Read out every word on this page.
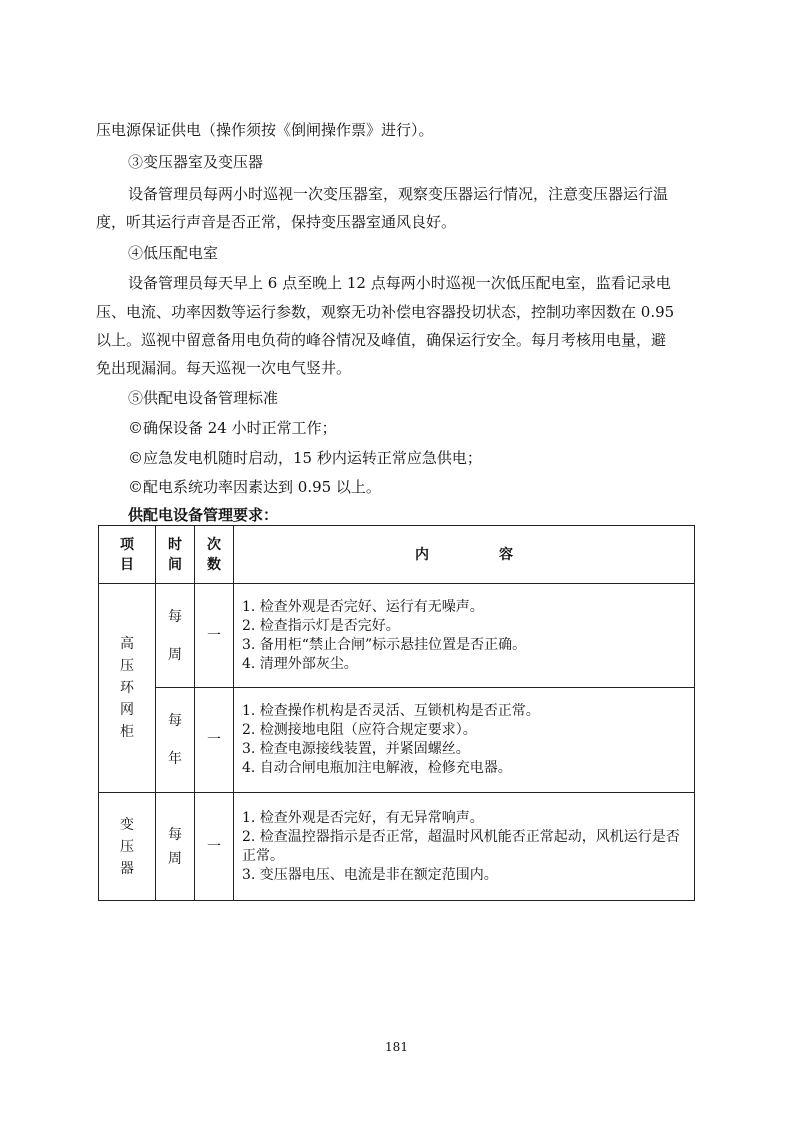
压电源保证供电（操作须按《倒闸操作票》进行）。
③变压器室及变压器
设备管理员每两小时巡视一次变压器室，观察变压器运行情况，注意变压器运行温
度，听其运行声音是否正常，保持变压器室通风良好。
④低压配电室
设备管理员每天早上 6 点至晚上 12 点每两小时巡视一次低压配电室，监看记录电
压、电流、功率因数等运行参数，观察无功补偿电容器投切状态，控制功率因数在 0.95
以上。巡视中留意备用电负荷的峰谷情况及峰值，确保运行安全。每月考核用电量，避
免出现漏洞。每天巡视一次电气竖井。
⑤供配电设备管理标准
©确保设备 24 小时正常工作；
©应急发电机随时启动，15 秒内运转正常应急供电；
©配电系统功率因素达到 0.95 以上。
供配电设备管理要求：
项目	时间	次数	内 容
高压环网柜	每周	一	1. 检查外观是否完好、运行有无噪声。
2. 检查指示灯是否完好。
3. 备用柜“禁止合闸”标示悬挂位置是否正确。
4. 清理外部灰尘。

	每年	一	1. 检查操作机构是否灵活、互锁机构是否正常。
2. 检测接地电阻（应符合规定要求）。
3. 检查电源接线装置，并紧固螺丝。
4. 自动合闸电瓶加注电解液，检修充电器。

变压器	每周	一	1. 检查外观是否完好，有无异常响声。
2. 检查温控器指示是否正常，超温时风机能否正常起动，风机运行是否正常。
3. 变压器电压、电流是非在额定范围内。
181
